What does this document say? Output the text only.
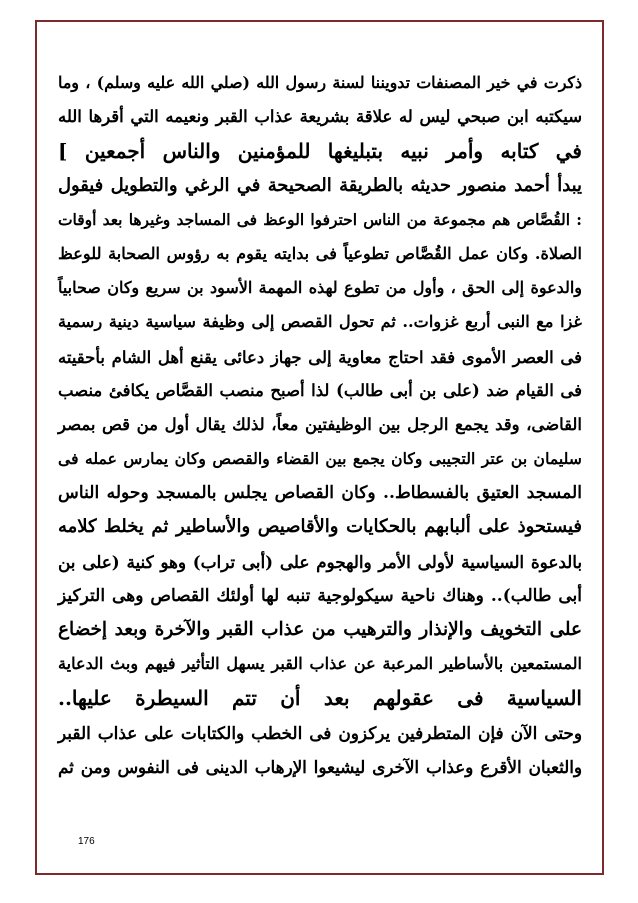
ذكرت في خير المصنفات تدويننا لسنة رسول الله (صلي الله عليه وسلم) ، وما
سيكتبه ابن صبحي ليس له علاقة بشريعة عذاب القبر ونعيمه التي أقرها الله
في كتابه وأمر نبيه بتبليغها للمؤمنين والناس أجمعين ]
يبدأ أحمد منصور حديثه بالطريقة الصحيحة في الرغي والتطويل فيقول
: القُصَّاص هم مجموعة من الناس احترفوا الوعظ فى المساجد وغيرها بعد أوقات
الصلاة. وكان عمل القُصَّاص تطوعياً فى بدايته يقوم به رؤوس الصحابة للوعظ
والدعوة إلى الحق ، وأول من تطوع لهذه المهمة الأسود بن سريع وكان صحابياً
غزا مع النبى أربع غزوات.. ثم تحول القصص إلى وظيفة سياسية دينية رسمية
فى العصر الأموى فقد احتاج معاوية إلى جهاز دعائى يقنع أهل الشام بأحقيته
فى القيام ضد (على بن أبى طالب) لذا أصبح منصب القصَّاص يكافئ منصب
القاضى، وقد يجمع الرجل بين الوظيفتين معاً، لذلك يقال أول من قص بمصر
سليمان بن عتر التجيبى وكان يجمع بين القضاء والقصص وكان يمارس عمله فى
المسجد العتيق بالفسطاط.. وكان القصاص يجلس بالمسجد وحوله الناس
فيستحوذ على ألبابهم بالحكايات والأقاصيص والأساطير ثم يخلط كلامه
بالدعوة السياسية لأولى الأمر والهجوم على (أبى تراب) وهو كنية (على بن
أبى طالب).. وهناك ناحية سيكولوجية تنبه لها أولئك القصاص وهى التركيز
على التخويف والإنذار والترهيب من عذاب القبر والآخرة وبعد إخضاع
المستمعين بالأساطير المرعبة عن عذاب القبر يسهل التأثير فيهم وبث الدعاية
السياسية فى عقولهم بعد أن تتم السيطرة عليها..
وحتى الآن فإن المتطرفين يركزون فى الخطب والكتابات على عذاب القبر
والثعبان الأقرع وعذاب الآخرى ليشيعوا الإرهاب الدينى فى النفوس ومن ثم
176
